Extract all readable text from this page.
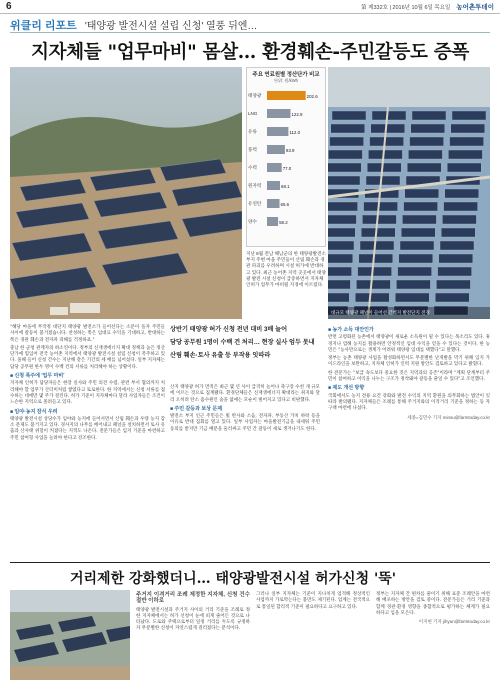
6	第 제332호 | 2016년 10월 6일 목요일 농어촌투데이
위클리 리포트 '태양광 발전시설 설립 신청' 열풍 뒤엔…
지자체들 "업무마비" 몸살… 환경훼손-주민갈등도 증폭
주요 연료원별 정산단가 비교
단위: 원/kWh
태양광	202.6
LNG	122.9
유류	112.0
풍력	93.9
수력	77.0
원자력	68.1
유연탄	65.6
양수	58.2
지난 8월 전남 해남군의 한 태양광발전소 부지 주변 마을 주민들이 산림 훼손과 경관 파괴를 우려하며 시설 허가에 반대하고 있다. 최근 농어촌 지역 곳곳에서 태양광 발전 시설 신청이 급증하면서 지자체 인허가 업무가 마비될 지경에 이르렀다.
대규모 태양광 패널이 들어선 간척지 발전단지 전경

"해당 마을에 무작정 대단지 태양광 발전소가 들어선다는 소문이 돌자 주민들 사이에 갈등이 불거졌습니다. 찬성하는 쪽은 임대료 수익을 기대하고, 반대하는 쪽은 경관 훼손과 전자파 피해를 걱정하죠."

충남 한 군청 관계자의 하소연이다. 정부의 신재생에너지 확대 정책과 높은 정산 단가에 힘입어 전국 농어촌 지역에서 태양광 발전시설 설립 신청이 폭주하고 있다. 올해 들어 신청 건수는 지난해 같은 기간의 세 배를 넘어섰다. 일부 지자체는 담당 공무원 한두 명이 수백 건의 서류를 처리해야 하는 상황이다.

■ 신청 폭주에 '업무 마비'

지자체 인허가 담당자들은 현장 실사와 주민 의견 수렴, 관련 부서 협의까지 처리해야 할 업무가 산더미처럼 쌓였다고 토로한다. 한 지역에서는 신청 서류를 접수하는 데에만 몇 주가 걸린다. 허가 기준이 지자체마다 달라 사업자들은 조건이 느슨한 지역으로 몰려들고 있다.

■ 임야·농지 잠식 우려

태양광 발전시설 상당수가 임야와 농지에 들어서면서 산림 훼손과 우량 농지 감소 문제도 불거지고 있다. 경사지의 나무를 베어내고 패널을 설치하면서 토사 유출과 산사태 위험이 커졌다는 지적도 나온다. 전문가들은 입지 기준을 마련하고 주민 참여형 사업을 늘려야 한다고 강조한다.

상반기 태양광 허가 신청 전년 대비 3배 늘어
담당 공무원 1명이 수백 건 처리… 현장 실사 엄두 못내
산림 훼손·토사 유출 등 부작용 잇따라

산지 태양광 허가 면적은 최근 몇 년 사이 급격히 늘어나 축구장 수천 개 규모에 이르는 것으로 집계됐다. 환경단체들은 신재생에너지 확대라는 취지와 달리 오히려 탄소 흡수원인 숲을 없애는 모순이 벌어지고 있다고 비판했다.

■ 주민 갈등과 보상 문제

발전소 부지 인근 주민들은 빛 반사와 소음, 전자파, 부동산 가치 하락 등을 이유로 반대 집회를 열고 있다. 일부 사업자는 마을발전기금을 내세워 주민 동의를 받지만 기금 배분을 둘러싸고 주민 간 갈등이 새로 생겨나기도 한다.

■ 농가 소득 대안인가

반면 고령화된 농촌에서 태양광이 새로운 소득원이 될 수 있다는 목소리도 있다. 휴경지나 염해 농지를 활용하면 안정적인 임대 수익을 얻을 수 있다는 것이다. 한 농민은 "농사만으로는 생계가 어려워 태양광 임대를 택했다"고 말했다.

정부는 농촌 태양광 사업을 활성화하면서도 무분별한 난개발을 막기 위해 입지 가이드라인을 보완하고, 지자체 인허가 인력 지원 방안도 검토하고 있다고 밝혔다.

한 전문가는 "보급 속도보다 중요한 것은 지역과의 공존"이라며 "계획 단계부터 주민이 참여하고 이익을 나누는 구조가 정착돼야 갈등을 줄일 수 있다"고 조언했다.

■ 제도 개선 방향

국회에서도 농지 전용 요건 강화와 발전 수익의 지역 환원을 의무화하는 법안이 잇따라 발의됐다. 지자체들은 조례를 통해 주거지와의 이격거리 기준을 정하는 등 자구책 마련에 나섰다.

세종=김민수 기자 minsu@farmtoday.co.kr
거리제한 강화했더니… 태양광발전시설 허가신청 '뚝'
주거지 이격거리 조례 제정한 지자체, 신청 건수 절반 이하로

태양광 발전시설과 주거지 사이의 거리 기준을 조례로 정한 지자체에서는 허가 신청이 눈에 띄게 줄어든 것으로 나타났다. 도로와 주택으로부터 일정 거리를 두도록 규정하자 무분별한 신청이 자연스럽게 걸러졌다는 분석이다.

그러나 일부 지자체는 기준이 지나치게 엄격해 정상적인 사업까지 가로막는다는 불만도 제기된다. 업계는 전국적으로 통일된 합리적 기준이 필요하다고 요구하고 있다.

정부는 지자체 간 편차를 줄이기 위해 표준 조례안을 마련해 배포하는 방안을 검토 중이다. 전문가들은 거리 기준과 함께 경관·환경 영향을 종합적으로 평가하는 체계가 필요하다고 입을 모은다.

이지현 기자 jihyun@farmtoday.co.kr
